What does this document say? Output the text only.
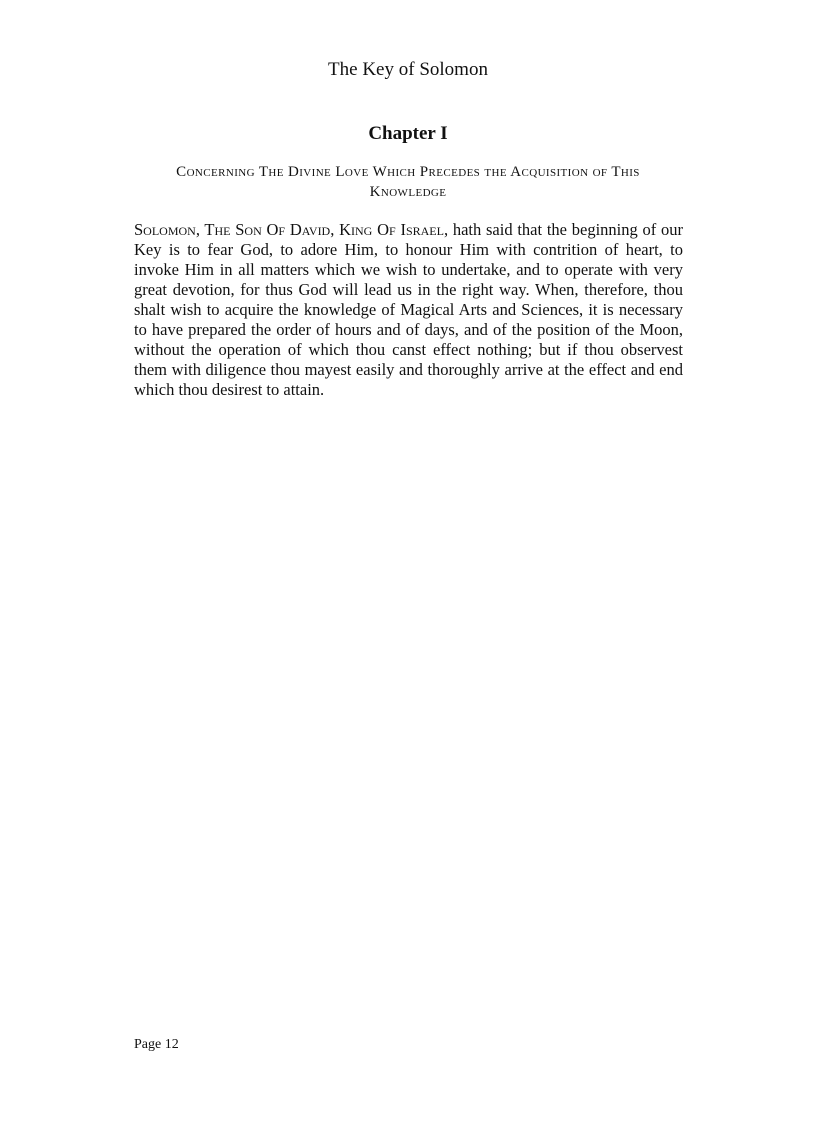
The Key of Solomon
Chapter I
Concerning The Divine Love Which Precedes the Acquisition of This Knowledge

Solomon, The Son Of David, King Of Israel, hath said that the beginning of our Key is to fear God, to adore Him, to honour Him with contrition of heart, to invoke Him in all matters which we wish to undertake, and to operate with very great devotion, for thus God will lead us in the right way. When, therefore, thou shalt wish to acquire the knowledge of Magical Arts and Sciences, it is necessary to have prepared the order of hours and of days, and of the position of the Moon, without the operation of which thou canst effect nothing; but if thou observest them with diligence thou mayest easily and thoroughly arrive at the effect and end which thou desirest to attain.

Page 12
